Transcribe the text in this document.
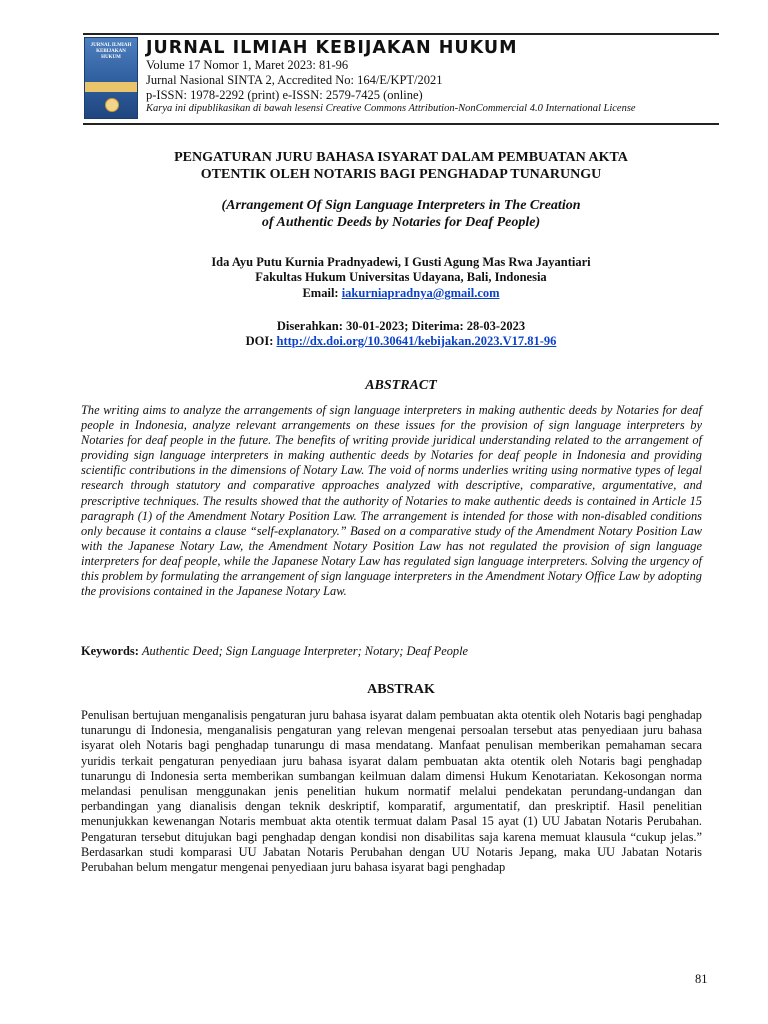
JURNAL ILMIAH KEBIJAKAN HUKUM	JURNAL ILMIAH KEBIJAKAN HUKUM
Volume 17 Nomor 1, Maret 2023: 81-96
Jurnal Nasional SINTA 2, Accredited No: 164/E/KPT/2021
p-ISSN: 1978-2292 (print) e-ISSN: 2579-7425 (online)
Karya ini dipublikasikan di bawah lesensi Creative Commons Attribution-NonCommercial 4.0 International License
PENGATURAN JURU BAHASA ISYARAT DALAM PEMBUATAN AKTA
OTENTIK OLEH NOTARIS BAGI PENGHADAP TUNARUNGU
(Arrangement Of Sign Language Interpreters in The Creation
of Authentic Deeds by Notaries for Deaf People)
Ida Ayu Putu Kurnia Pradnyadewi, I Gusti Agung Mas Rwa Jayantiari
Fakultas Hukum Universitas Udayana, Bali, Indonesia
Email: iakurniapradnya@gmail.com
Diserahkan: 30-01-2023; Diterima: 28-03-2023
DOI: http://dx.doi.org/10.30641/kebijakan.2023.V17.81-96
ABSTRACT
The writing aims to analyze the arrangements of sign language interpreters in making authentic deeds by Notaries for deaf people in Indonesia, analyze relevant arrangements on these issues for the provision of sign language interpreters by Notaries for deaf people in the future. The benefits of writing provide juridical understanding related to the arrangement of providing sign language interpreters in making authentic deeds by Notaries for deaf people in Indonesia and providing scientific contributions in the dimensions of Notary Law. The void of norms underlies writing using normative types of legal research through statutory and comparative approaches analyzed with descriptive, comparative, argumentative, and prescriptive techniques. The results showed that the authority of Notaries to make authentic deeds is contained in Article 15 paragraph (1) of the Amendment Notary Position Law. The arrangement is intended for those with non-disabled conditions only because it contains a clause “self-explanatory.” Based on a comparative study of the Amendment Notary Position Law with the Japanese Notary Law, the Amendment Notary Position Law has not regulated the provision of sign language interpreters for deaf people, while the Japanese Notary Law has regulated sign language interpreters. Solving the urgency of this problem by formulating the arrangement of sign language interpreters in the Amendment Notary Office Law by adopting the provisions contained in the Japanese Notary Law.
Keywords: Authentic Deed; Sign Language Interpreter; Notary; Deaf People
ABSTRAK
Penulisan bertujuan menganalisis pengaturan juru bahasa isyarat dalam pembuatan akta otentik oleh Notaris bagi penghadap tunarungu di Indonesia, menganalisis pengaturan yang relevan mengenai persoalan tersebut atas penyediaan juru bahasa isyarat oleh Notaris bagi penghadap tunarungu di masa mendatang. Manfaat penulisan memberikan pemahaman secara yuridis terkait pengaturan penyediaan juru bahasa isyarat dalam pembuatan akta otentik oleh Notaris bagi penghadap tunarungu di Indonesia serta memberikan sumbangan keilmuan dalam dimensi Hukum Kenotariatan. Kekosongan norma melandasi penulisan menggunakan jenis penelitian hukum normatif melalui pendekatan perundang-undangan dan perbandingan yang dianalisis dengan teknik deskriptif, komparatif, argumentatif, dan preskriptif. Hasil penelitian menunjukkan kewenangan Notaris membuat akta otentik termuat dalam Pasal 15 ayat (1) UU Jabatan Notaris Perubahan. Pengaturan tersebut ditujukan bagi penghadap dengan kondisi non disabilitas saja karena memuat klausula “cukup jelas.” Berdasarkan studi komparasi UU Jabatan Notaris Perubahan dengan UU Notaris Jepang, maka UU Jabatan Notaris Perubahan belum mengatur mengenai penyediaan juru bahasa isyarat bagi penghadap
81
